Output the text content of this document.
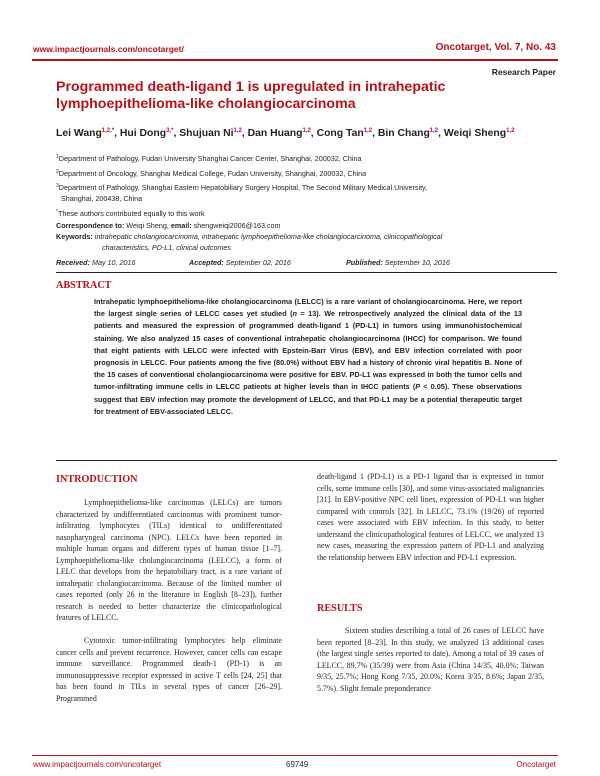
www.impactjournals.com/oncotarget/	Oncotarget, Vol. 7, No. 43
Research Paper
Programmed death-ligand 1 is upregulated in intrahepatic lymphoepithelioma-like cholangiocarcinoma
Lei Wang$^{1,2,*}$, Hui Dong$^{3,*}$, Shujuan Ni$^{1,2}$, Dan Huang$^{1,2}$, Cong Tan$^{1,2}$, Bin Chang$^{1,2}$, Weiqi Sheng$^{1,2}$

$^1$Department of Pathology, Fudan University Shanghai Cancer Center, Shanghai, 200032, China

$^2$Department of Oncology, Shanghai Medical College, Fudan University, Shanghai, 200032, China

$^3$Department of Pathology, Shanghai Eastern Hepatobiliary Surgery Hospital, The Second Military Medical University,

Shanghai, 200438, China

*These authors contributed equally to this work

Correspondence to: Weiqi Sheng, email: shengweiqi2006@163.com
Keywords: intrahepatic cholangiocarcinoma, intrahepatic lymphoepithelioma-like cholangiocarcinoma, clinicopathological
characteristics, PD-L1, clinical outcomes
Received: May 10, 2016	Accepted: September 02, 2016	Published: September 10, 2016
ABSTRACT

Intrahepatic lymphoepithelioma-like cholangiocarcinoma (LELCC) is a rare variant of cholangiocarcinoma. Here, we report the largest single series of LELCC cases yet studied (n = 13). We retrospectively analyzed the clinical data of the 13 patients and measured the expression of programmed death-ligand 1 (PD-L1) in tumors using immunohistochemical staining. We also analyzed 15 cases of conventional intrahepatic cholangiocarcinoma (IHCC) for comparison. We found that eight patients with LELCC were infected with Epstein-Barr Virus (EBV), and EBV infection correlated with poor prognosis in LELCC. Four patients among the five (80.0%) without EBV had a history of chronic viral hepatitis B. None of the 15 cases of conventional cholangiocarcinoma were positive for EBV. PD-L1 was expressed in both the tumor cells and tumor-infiltrating immune cells in LELCC patients at higher levels than in IHCC patients (P < 0.05). These observations suggest that EBV infection may promote the development of LELCC, and that PD-L1 may be a potential therapeutic target for treatment of EBV-associated LELCC.

INTRODUCTION

Lymphoepithelioma-like carcinomas (LELCs) are tumors characterized by undifferentiated carcinomas with prominent tumor-infiltrating lymphocytes (TILs) identical to undifferentiated nasopharyngeal carcinoma (NPC). LELCs have been reported in multiple human organs and different types of human tissue [1–7]. Lymphoepithelioma-like cholangiocarcinoma (LELCC), a form of LELC that develops from the hepatobiliary tract, is a rare variant of intrahepatic cholangiocarcinoma. Because of the limited number of cases reported (only 26 in the literature in English [8–23]), further research is needed to better characterize the clinicopathological features of LELCC.

Cytotoxic tumor-infiltrating lymphocytes help eliminate cancer cells and prevent recurrence. However, cancer cells can escape immune surveillance. Programmed death-1 (PD-1) is an immunosuppressive receptor expressed in active T cells [24, 25] that has been found in TILs in several types of cancer [26–29]. Programmed

death-ligand 1 (PD-L1) is a PD-1 ligand that is expressed in tumor cells, some immune cells [30], and some virus-associated malignancies [31]. In EBV-positive NPC cell lines, expression of PD-L1 was higher compared with controls [32]. In LELCC, 73.1% (19/26) of reported cases were associated with EBV infection. In this study, to better understand the clinicopathological features of LELCC, we analyzed 13 new cases, measuring the expression pattern of PD-L1 and analyzing the relationship between EBV infection and PD-L1 expression.

RESULTS

Sixteen studies describing a total of 26 cases of LELCC have been reported [8–23]. In this study, we analyzed 13 additional cases (the largest single series reported to date). Among a total of 39 cases of LELCC, 89.7% (35/39) were from Asia (China 14/35, 40.0%; Taiwan 9/35, 25.7%; Hong Kong 7/35, 20.0%; Korea 3/35, 8.6%; Japan 2/35, 5.7%). Slight female preponderance

www.impactjournals.com/oncotarget	69749	Oncotarget
